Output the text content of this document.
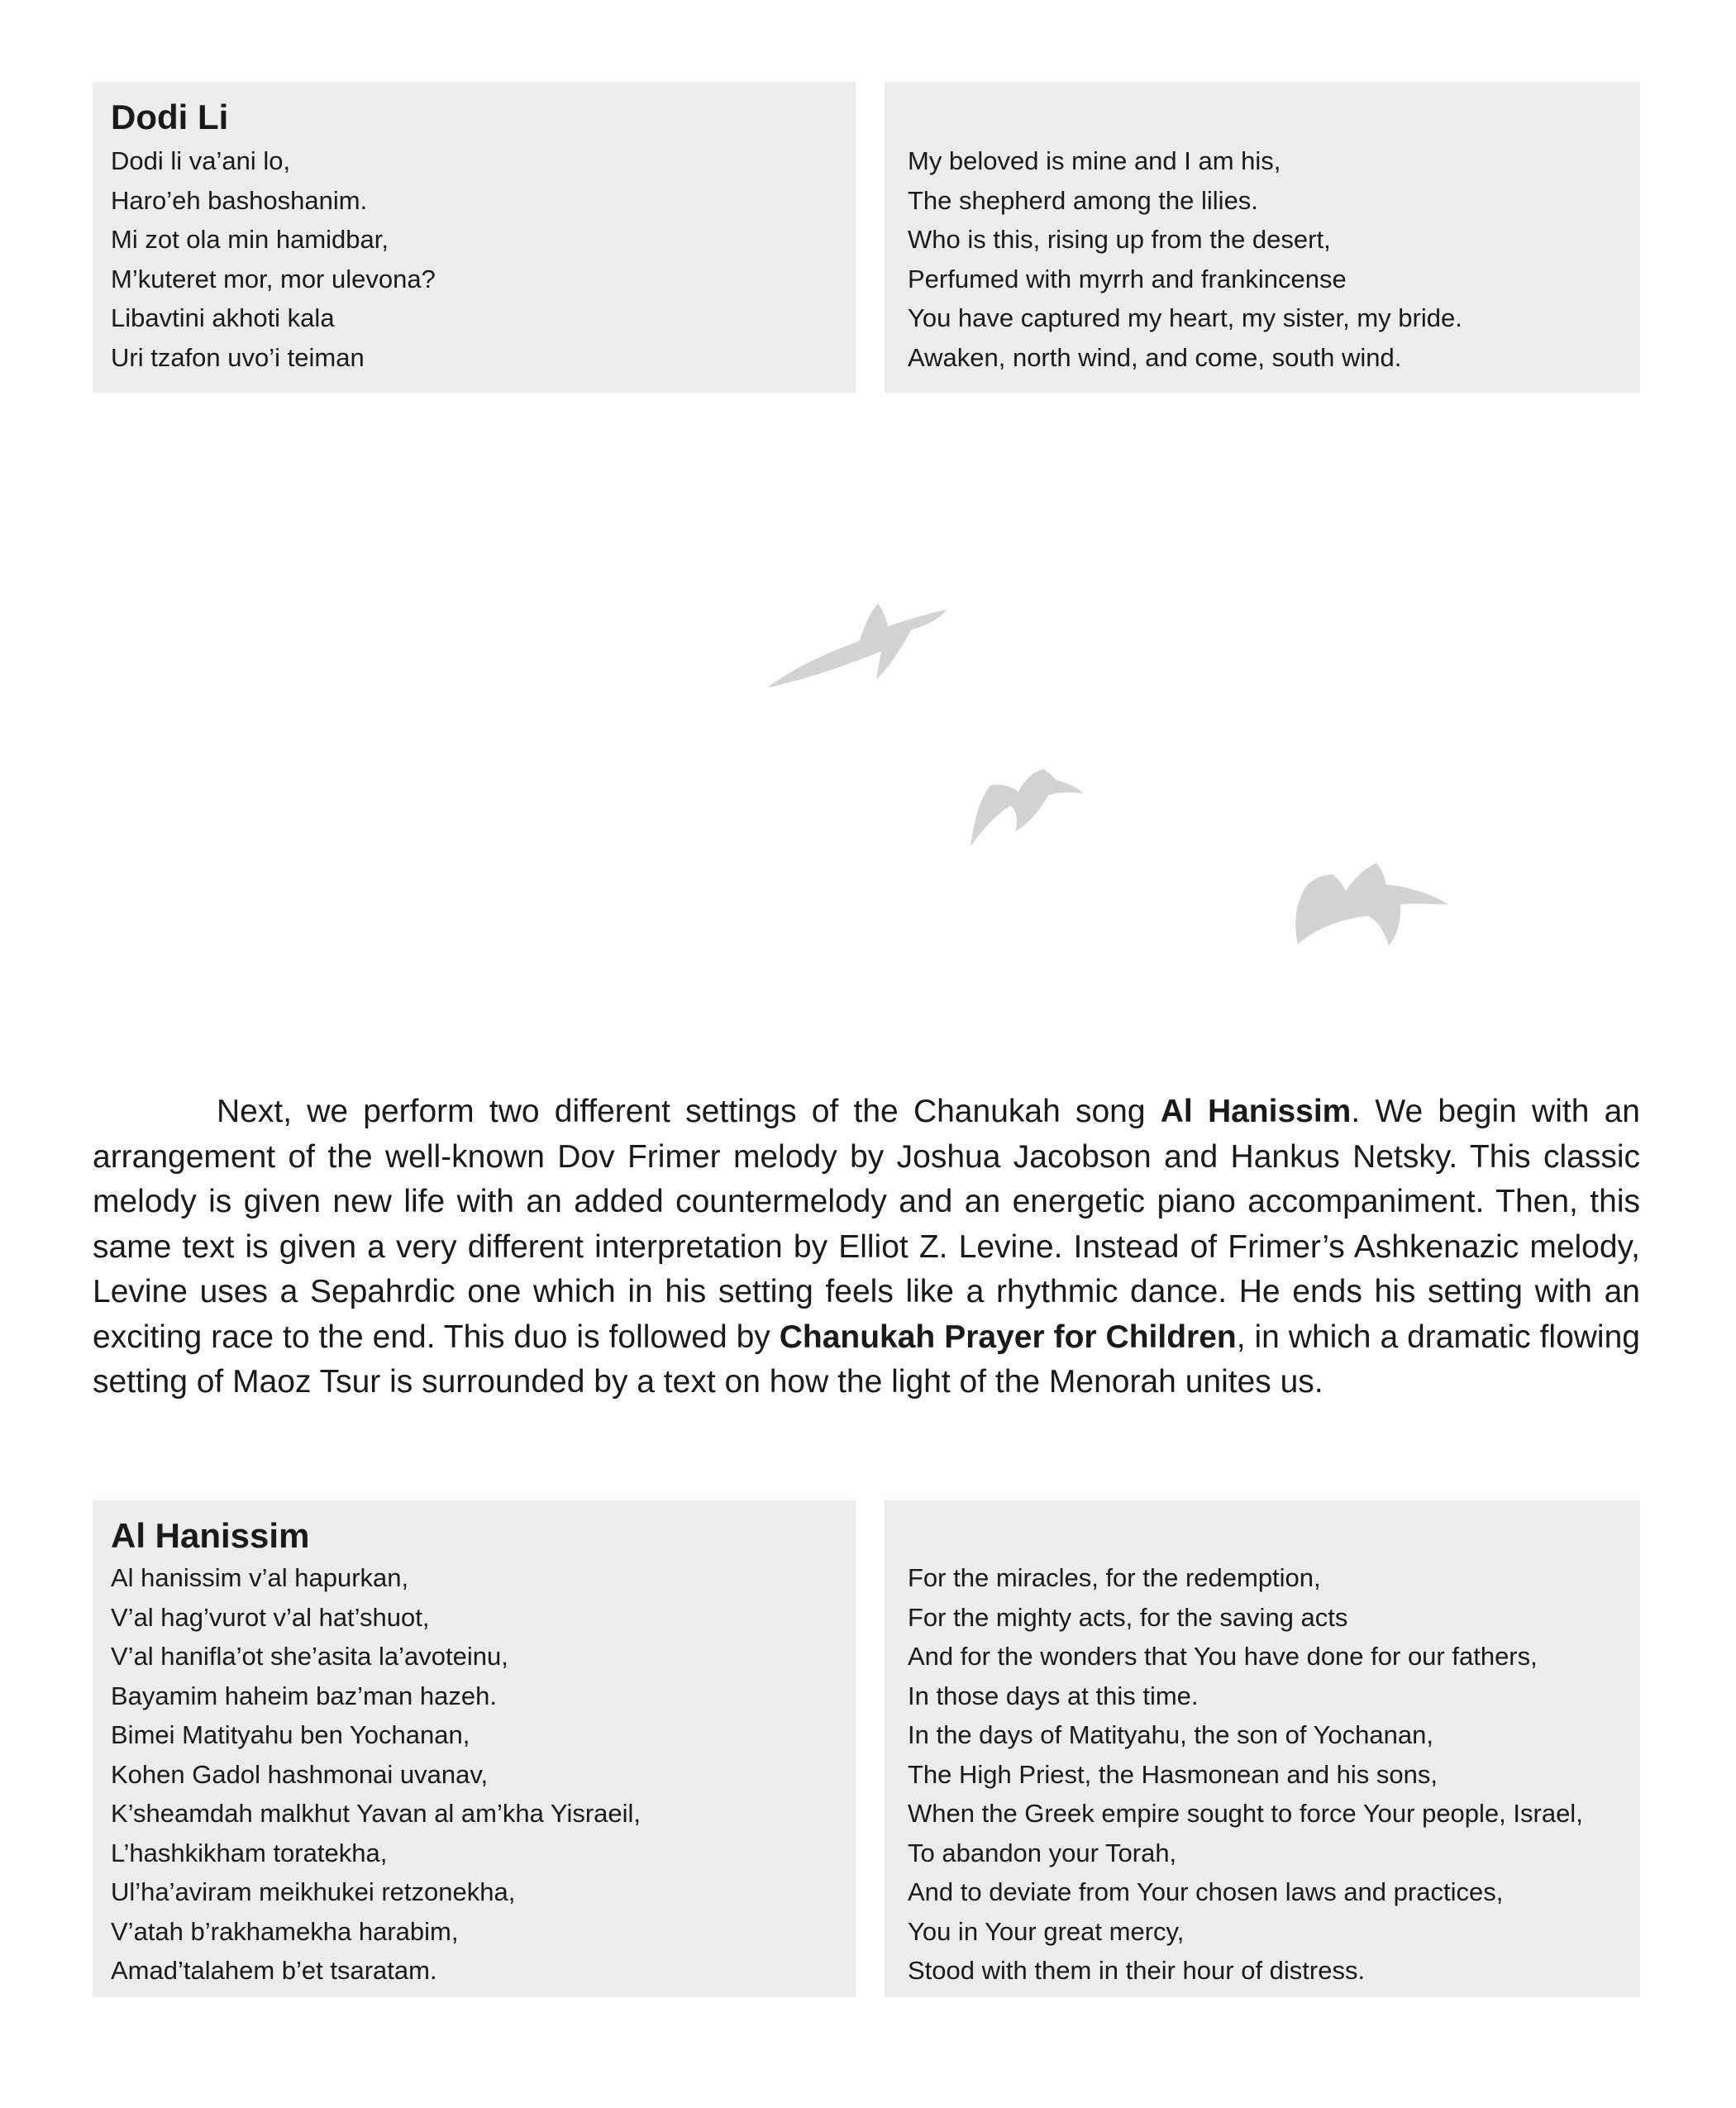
Dodi Li
Dodi li va’ani lo,
Haro’eh bashoshanim.
Mi zot ola min hamidbar,
M’kuteret mor, mor ulevona?
Libavtini akhoti kala
Uri tzafon uvo’i teiman
My beloved is mine and I am his,
The shepherd among the lilies.
Who is this, rising up from the desert,
Perfumed with myrrh and frankincense
You have captured my heart, my sister, my bride.
Awaken, north wind, and come, south wind.

Next, we perform two different settings of the Chanukah song Al Hanissim. We begin with an arrangement of the well-known Dov Frimer melody by Joshua Jacobson and Hankus Netsky. This classic melody is given new life with an added countermelody and an energetic piano accompaniment. Then, this same text is given a very different interpretation by Elliot Z. Levine. Instead of Frimer’s Ashkenazic melody, Levine uses a Sepahrdic one which in his setting feels like a rhythmic dance. He ends his setting with an exciting race to the end. This duo is followed by Chanukah Prayer for Children, in which a dramatic flowing setting of Maoz Tsur is surrounded by a text on how the light of the Menorah unites us.

Al Hanissim
Al hanissim v’al hapurkan,
V’al hag’vurot v’al hat’shuot,
V’al hanifla’ot she’asita la’avoteinu,
Bayamim haheim baz’man hazeh.
Bimei Matityahu ben Yochanan,
Kohen Gadol hashmonai uvanav,
K’sheamdah malkhut Yavan al am’kha Yisraeil,
L’hashkikham toratekha,
Ul’ha’aviram meikhukei retzonekha,
V’atah b’rakhamekha harabim,
Amad’talahem b’et tsaratam.
For the miracles, for the redemption,
For the mighty acts, for the saving acts
And for the wonders that You have done for our fathers,
In those days at this time.
In the days of Matityahu, the son of Yochanan,
The High Priest, the Hasmonean and his sons,
When the Greek empire sought to force Your people, Israel,
To abandon your Torah,
And to deviate from Your chosen laws and practices,
You in Your great mercy,
Stood with them in their hour of distress.
